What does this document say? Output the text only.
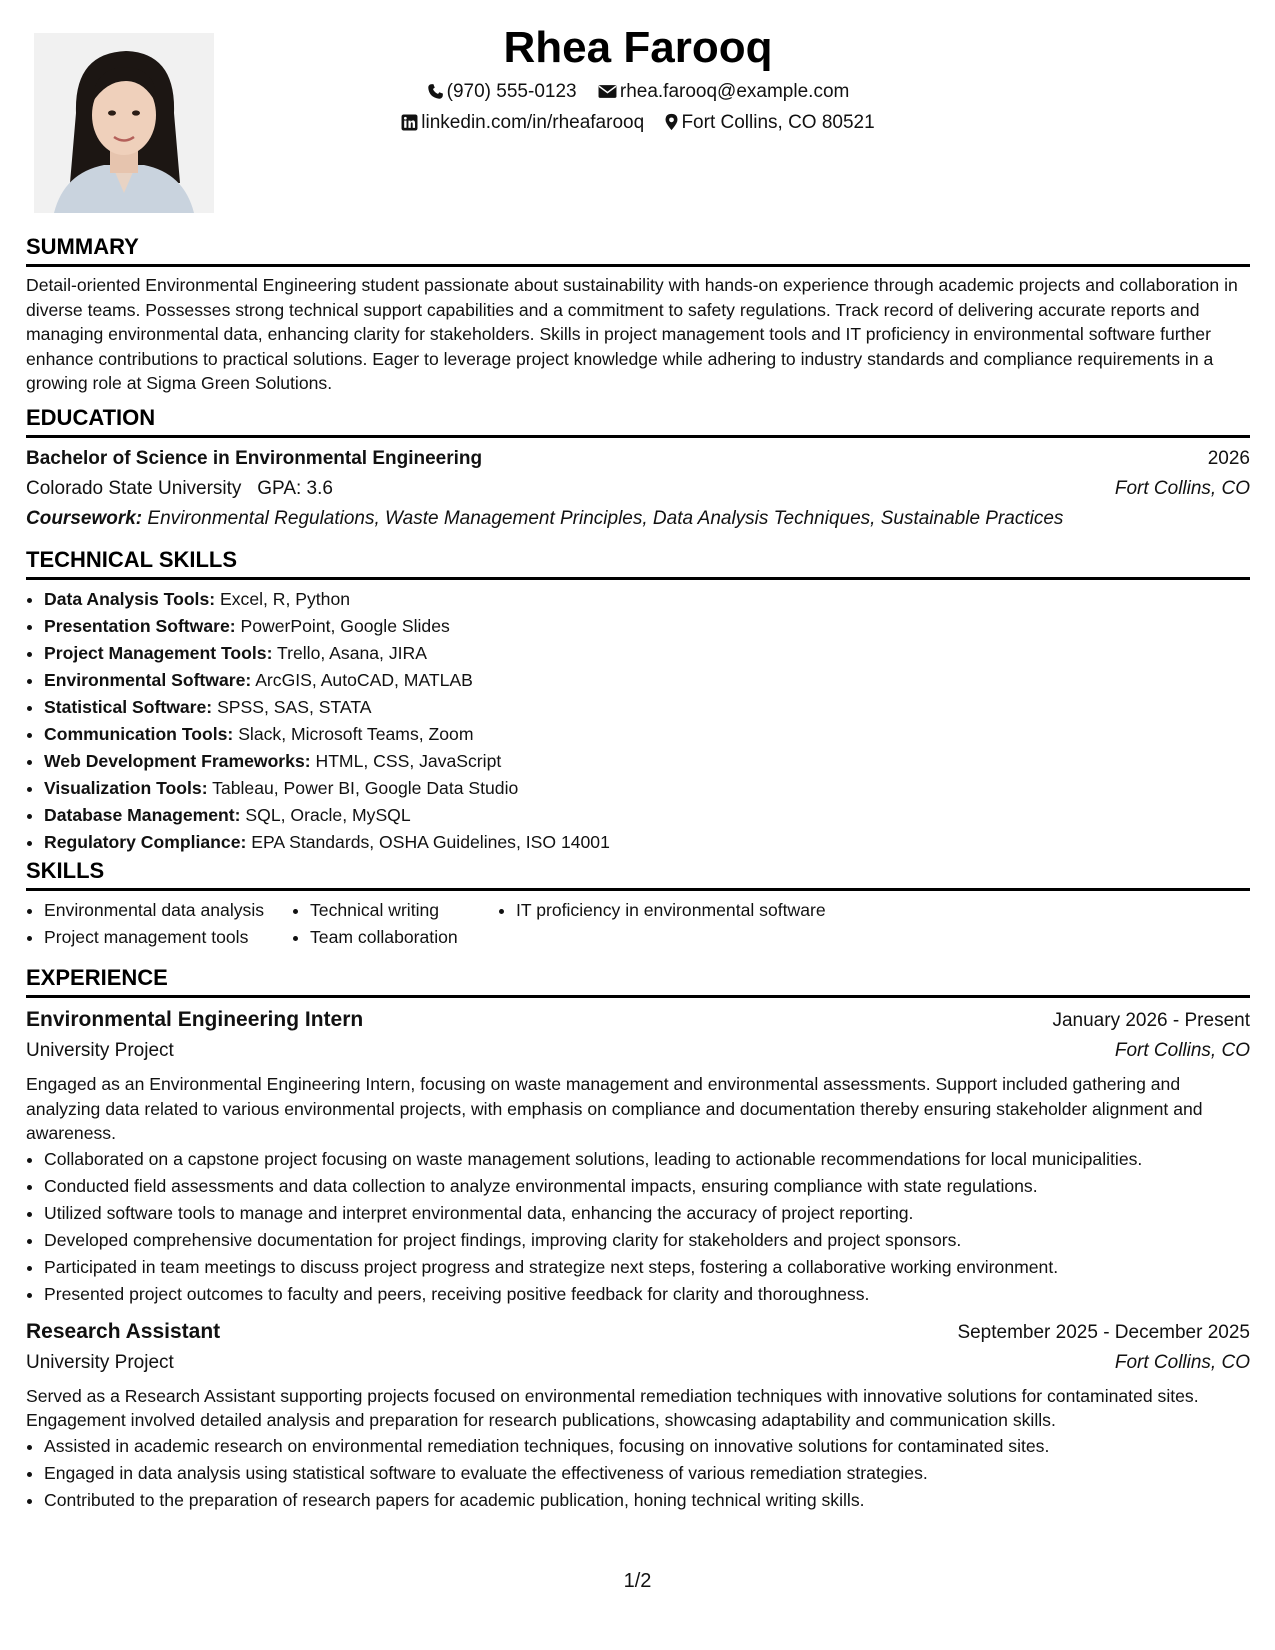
Rhea Farooq
(970) 555-0123 rhea.farooq@example.com
linkedin.com/in/rheafarooq Fort Collins, CO 80521
SUMMARY

Detail-oriented Environmental Engineering student passionate about sustainability with hands-on experience through academic projects and collaboration in diverse teams. Possesses strong technical support capabilities and a commitment to safety regulations. Track record of delivering accurate reports and managing environmental data, enhancing clarity for stakeholders. Skills in project management tools and IT proficiency in environmental software further enhance contributions to practical solutions. Eager to leverage project knowledge while adhering to industry standards and compliance requirements in a growing role at Sigma Green Solutions.

EDUCATION
Bachelor of Science in Environmental Engineering	2026
Colorado State University GPA: 3.6	Fort Collins, CO
Coursework: Environmental Regulations, Waste Management Principles, Data Analysis Techniques, Sustainable Practices
TECHNICAL SKILLS
• Data Analysis Tools: Excel, R, Python
• Presentation Software: PowerPoint, Google Slides
• Project Management Tools: Trello, Asana, JIRA
• Environmental Software: ArcGIS, AutoCAD, MATLAB
• Statistical Software: SPSS, SAS, STATA
• Communication Tools: Slack, Microsoft Teams, Zoom
• Web Development Frameworks: HTML, CSS, JavaScript
• Visualization Tools: Tableau, Power BI, Google Data Studio
• Database Management: SQL, Oracle, MySQL
• Regulatory Compliance: EPA Standards, OSHA Guidelines, ISO 14001
SKILLS
• Environmental data analysis
• Project management tools
• Technical writing
• Team collaboration
• IT proficiency in environmental software
EXPERIENCE
Environmental Engineering Intern	January 2026 - Present
University Project	Fort Collins, CO

Engaged as an Environmental Engineering Intern, focusing on waste management and environmental assessments. Support included gathering and analyzing data related to various environmental projects, with emphasis on compliance and documentation thereby ensuring stakeholder alignment and awareness.

• Collaborated on a capstone project focusing on waste management solutions, leading to actionable recommendations for local municipalities.
• Conducted field assessments and data collection to analyze environmental impacts, ensuring compliance with state regulations.
• Utilized software tools to manage and interpret environmental data, enhancing the accuracy of project reporting.
• Developed comprehensive documentation for project findings, improving clarity for stakeholders and project sponsors.
• Participated in team meetings to discuss project progress and strategize next steps, fostering a collaborative working environment.
• Presented project outcomes to faculty and peers, receiving positive feedback for clarity and thoroughness.
Research Assistant	September 2025 - December 2025
University Project	Fort Collins, CO

Served as a Research Assistant supporting projects focused on environmental remediation techniques with innovative solutions for contaminated sites. Engagement involved detailed analysis and preparation for research publications, showcasing adaptability and communication skills.

• Assisted in academic research on environmental remediation techniques, focusing on innovative solutions for contaminated sites.
• Engaged in data analysis using statistical software to evaluate the effectiveness of various remediation strategies.
• Contributed to the preparation of research papers for academic publication, honing technical writing skills.
1/2
